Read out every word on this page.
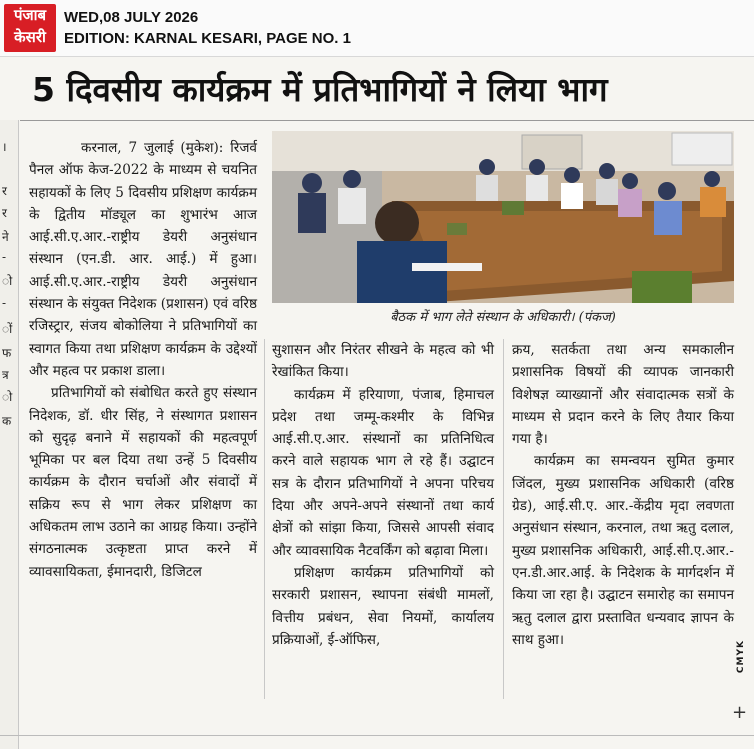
पंजाब
केसरी
WED,08 JULY 2026
EDITION: KARNAL KESARI, PAGE NO. 1
।
र
र
ने
-
ो
-
ों
फ
त्र
ो
क
5 दिवसीय कार्यक्रम में प्रतिभागियों ने लिया भाग
बैठक में भाग लेते संस्थान के अधिकारी। (पंकज)

करनाल, 7 जुलाई (मुकेश): रिजर्व पैनल ऑफ केज-2022 के माध्यम से चयनित सहायकों के लिए 5 दिवसीय प्रशिक्षण कार्यक्रम के द्वितीय मॉड्यूल का शुभारंभ आज आई.सी.ए.आर.-राष्ट्रीय डेयरी अनुसंधान संस्थान (एन.डी. आर. आई.) में हुआ। आई.सी.ए.आर.-राष्ट्रीय डेयरी अनुसंधान संस्थान के संयुक्त निदेशक (प्रशासन) एवं वरिष्ठ रजिस्ट्रार, संजय बोकोलिया ने प्रतिभागियों का स्वागत किया तथा प्रशिक्षण कार्यक्रम के उद्देश्यों और महत्व पर प्रकाश डाला।

प्रतिभागियों को संबोधित करते हुए संस्थान निदेशक, डॉ. धीर सिंह, ने संस्थागत प्रशासन को सुदृढ़ बनाने में सहायकों की महत्वपूर्ण भूमिका पर बल दिया तथा उन्हें 5 दिवसीय कार्यक्रम के दौरान चर्चाओं और संवादों में सक्रिय रूप से भाग लेकर प्रशिक्षण का अधिकतम लाभ उठाने का आग्रह किया। उन्होंने संगठनात्मक उत्कृष्टता प्राप्त करने में व्यावसायिकता, ईमानदारी, डिजिटल

सुशासन और निरंतर सीखने के महत्व को भी रेखांकित किया।

कार्यक्रम में हरियाणा, पंजाब, हिमाचल प्रदेश तथा जम्मू-कश्मीर के विभिन्न आई.सी.ए.आर. संस्थानों का प्रतिनिधित्व करने वाले सहायक भाग ले रहे हैं। उद्घाटन सत्र के दौरान प्रतिभागियों ने अपना परिचय दिया और अपने-अपने संस्थानों तथा कार्य क्षेत्रों को सांझा किया, जिससे आपसी संवाद और व्यावसायिक नैटवर्किंग को बढ़ावा मिला।

प्रशिक्षण कार्यक्रम प्रतिभागियों को सरकारी प्रशासन, स्थापना संबंधी मामलों, वित्तीय प्रबंधन, सेवा नियमों, कार्यालय प्रक्रियाओं, ई-ऑफिस,

क्रय, सतर्कता तथा अन्य समकालीन प्रशासनिक विषयों की व्यापक जानकारी विशेषज्ञ व्याख्यानों और संवादात्मक सत्रों के माध्यम से प्रदान करने के लिए तैयार किया गया है।

कार्यक्रम का समन्वयन सुमित कुमार जिंदल, मुख्य प्रशासनिक अधिकारी (वरिष्ठ ग्रेड), आई.सी.ए. आर.-केंद्रीय मृदा लवणता अनुसंधान संस्थान, करनाल, तथा ऋतु दलाल, मुख्य प्रशासनिक अधिकारी, आई.सी.ए.आर.-एन.डी.आर.आई. के निदेशक के मार्गदर्शन में किया जा रहा है। उद्घाटन समारोह का समापन ऋतु दलाल द्वारा प्रस्तावित धन्यवाद ज्ञापन के साथ हुआ।

CMYK
+
